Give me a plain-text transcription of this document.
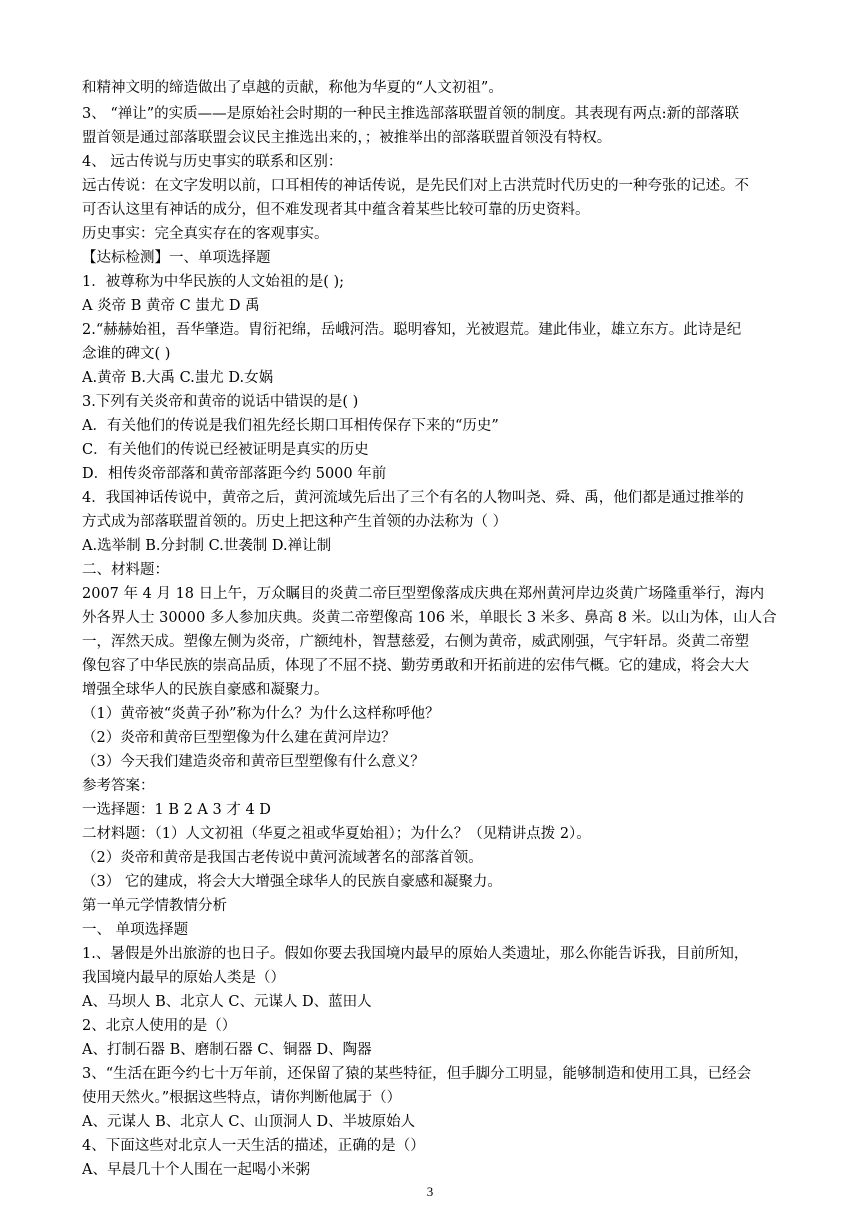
和精神文明的缔造做出了卓越的贡献，称他为华夏的“人文初祖”。
3、 “禅让”的实质——是原始社会时期的一种民主推选部落联盟首领的制度。其表现有两点:新的部落联
盟首领是通过部落联盟会议民主推选出来的，；被推举出的部落联盟首领没有特权。
4、 远古传说与历史事实的联系和区别：
远古传说：在文字发明以前，口耳相传的神话传说，是先民们对上古洪荒时代历史的一种夸张的记述。不
可否认这里有神话的成分，但不难发现者其中蕴含着某些比较可靠的历史资料。
历史事实：完全真实存在的客观事实。
【达标检测】一、单项选择题
1．被尊称为中华民族的人文始祖的是( );
A 炎帝 B 黄帝 C 蚩尤 D 禹
2.“赫赫始祖，吾华肇造。胄衍祀绵，岳峨河浩。聪明睿知，光被遐荒。建此伟业，雄立东方。此诗是纪
念谁的碑文( )
A.黄帝 B.大禹 C.蚩尤 D.女娲
3.下列有关炎帝和黄帝的说话中错误的是( )
A．有关他们的传说是我们祖先经长期口耳相传保存下来的“历史”
C．有关他们的传说已经被证明是真实的历史
D．相传炎帝部落和黄帝部落距今约 5000 年前
4．我国神话传说中，黄帝之后，黄河流域先后出了三个有名的人物叫尧、舜、禹，他们都是通过推举的
方式成为部落联盟首领的。历史上把这种产生首领的办法称为（ ）
A.选举制 B.分封制 C.世袭制 D.禅让制
二、材料题：
2007 年 4 月 18 日上午，万众瞩目的炎黄二帝巨型塑像落成庆典在郑州黄河岸边炎黄广场隆重举行，海内
外各界人士 30000 多人参加庆典。炎黄二帝塑像高 106 米，单眼长 3 米多、鼻高 8 米。以山为体，山人合
一，浑然天成。塑像左侧为炎帝，广额纯朴，智慧慈爱，右侧为黄帝，威武刚强，气宇轩昂。炎黄二帝塑
像包容了中华民族的崇高品质，体现了不屈不挠、勤劳勇敢和开拓前进的宏伟气概。它的建成，将会大大
增强全球华人的民族自豪感和凝聚力。
（1）黄帝被“炎黄子孙”称为什么？为什么这样称呼他？
（2）炎帝和黄帝巨型塑像为什么建在黄河岸边？
（3）今天我们建造炎帝和黄帝巨型塑像有什么意义？
参考答案：
一选择题：1 B 2 A 3 才 4 D
二材料题：（1）人文初祖（华夏之祖或华夏始祖）；为什么？（见精讲点拨 2）。
（2）炎帝和黄帝是我国古老传说中黄河流域著名的部落首领。
（3） 它的建成，将会大大增强全球华人的民族自豪感和凝聚力。
第一单元学情教情分析
一、 单项选择题
1.、暑假是外出旅游的也日子。假如你要去我国境内最早的原始人类遗址，那么你能告诉我，目前所知，
我国境内最早的原始人类是（）
A、马坝人 B、北京人 C、元谋人 D、蓝田人
2、北京人使用的是（）
A、打制石器 B、磨制石器 C、铜器 D、陶器
3、“生活在距今约七十万年前，还保留了猿的某些特征，但手脚分工明显，能够制造和使用工具，已经会
使用天然火。”根据这些特点，请你判断他属于（）
A、元谋人 B、北京人 C、山顶洞人 D、半坡原始人
4、下面这些对北京人一天生活的描述，正确的是（）
A、早晨几十个人围在一起喝小米粥
3
